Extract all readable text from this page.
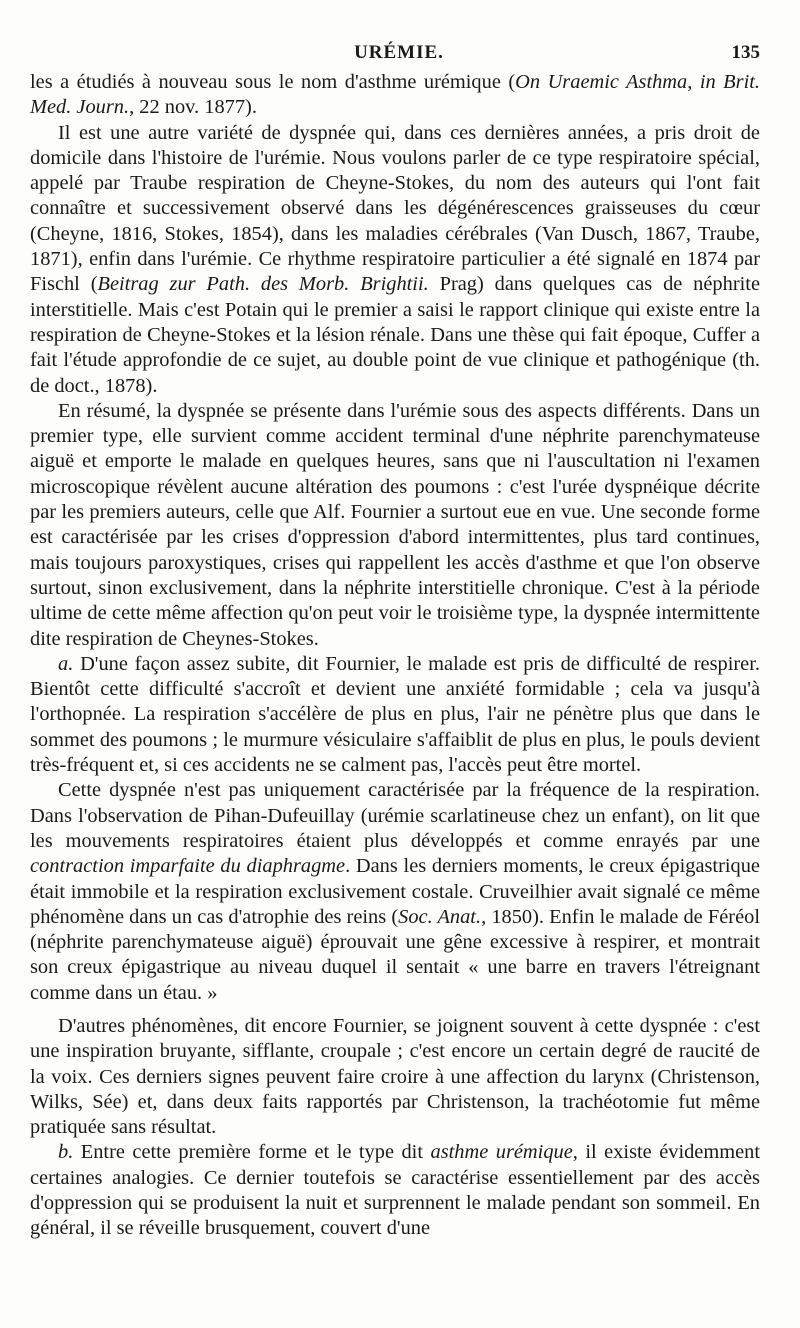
URÉMIE.	135

les a étudiés à nouveau sous le nom d'asthme urémique (On Uraemic Asthma, in Brit. Med. Journ., 22 nov. 1877).

Il est une autre variété de dyspnée qui, dans ces dernières années, a pris droit de domicile dans l'histoire de l'urémie. Nous voulons parler de ce type respiratoire spécial, appelé par Traube respiration de Cheyne-Stokes, du nom des auteurs qui l'ont fait connaître et successivement observé dans les dégénérescences graisseuses du cœur (Cheyne, 1816, Stokes, 1854), dans les maladies cérébrales (Van Dusch, 1867, Traube, 1871), enfin dans l'urémie. Ce rhythme respiratoire particulier a été signalé en 1874 par Fischl (Beitrag zur Path. des Morb. Brightii. Prag) dans quelques cas de néphrite interstitielle. Mais c'est Potain qui le premier a saisi le rapport clinique qui existe entre la respiration de Cheyne-Stokes et la lésion rénale. Dans une thèse qui fait époque, Cuffer a fait l'étude approfondie de ce sujet, au double point de vue clinique et pathogénique (th. de doct., 1878).

En résumé, la dyspnée se présente dans l'urémie sous des aspects différents. Dans un premier type, elle survient comme accident terminal d'une néphrite parenchymateuse aiguë et emporte le malade en quelques heures, sans que ni l'auscultation ni l'examen microscopique révèlent aucune altération des poumons : c'est l'urée dyspnéique décrite par les premiers auteurs, celle que Alf. Fournier a surtout eue en vue. Une seconde forme est caractérisée par les crises d'oppression d'abord intermittentes, plus tard continues, mais toujours paroxystiques, crises qui rappellent les accès d'asthme et que l'on observe surtout, sinon exclusivement, dans la néphrite interstitielle chronique. C'est à la période ultime de cette même affection qu'on peut voir le troisième type, la dyspnée intermittente dite respiration de Cheynes-Stokes.

a. D'une façon assez subite, dit Fournier, le malade est pris de difficulté de respirer. Bientôt cette difficulté s'accroît et devient une anxiété formidable ; cela va jusqu'à l'orthopnée. La respiration s'accélère de plus en plus, l'air ne pénètre plus que dans le sommet des poumons ; le murmure vésiculaire s'affaiblit de plus en plus, le pouls devient très-fréquent et, si ces accidents ne se calment pas, l'accès peut être mortel.

Cette dyspnée n'est pas uniquement caractérisée par la fréquence de la respiration. Dans l'observation de Pihan-Dufeuillay (urémie scarlatineuse chez un enfant), on lit que les mouvements respiratoires étaient plus développés et comme enrayés par une contraction imparfaite du diaphragme. Dans les derniers moments, le creux épigastrique était immobile et la respiration exclusivement costale. Cruveilhier avait signalé ce même phénomène dans un cas d'atrophie des reins (Soc. Anat., 1850). Enfin le malade de Féréol (néphrite parenchymateuse aiguë) éprouvait une gêne excessive à respirer, et montrait son creux épigastrique au niveau duquel il sentait « une barre en travers l'étreignant comme dans un étau. »

D'autres phénomènes, dit encore Fournier, se joignent souvent à cette dyspnée : c'est une inspiration bruyante, sifflante, croupale ; c'est encore un certain degré de raucité de la voix. Ces derniers signes peuvent faire croire à une affection du larynx (Christenson, Wilks, Sée) et, dans deux faits rapportés par Christenson, la trachéotomie fut même pratiquée sans résultat.

b. Entre cette première forme et le type dit asthme urémique, il existe évidemment certaines analogies. Ce dernier toutefois se caractérise essentiellement par des accès d'oppression qui se produisent la nuit et surprennent le malade pendant son sommeil. En général, il se réveille brusquement, couvert d'une
